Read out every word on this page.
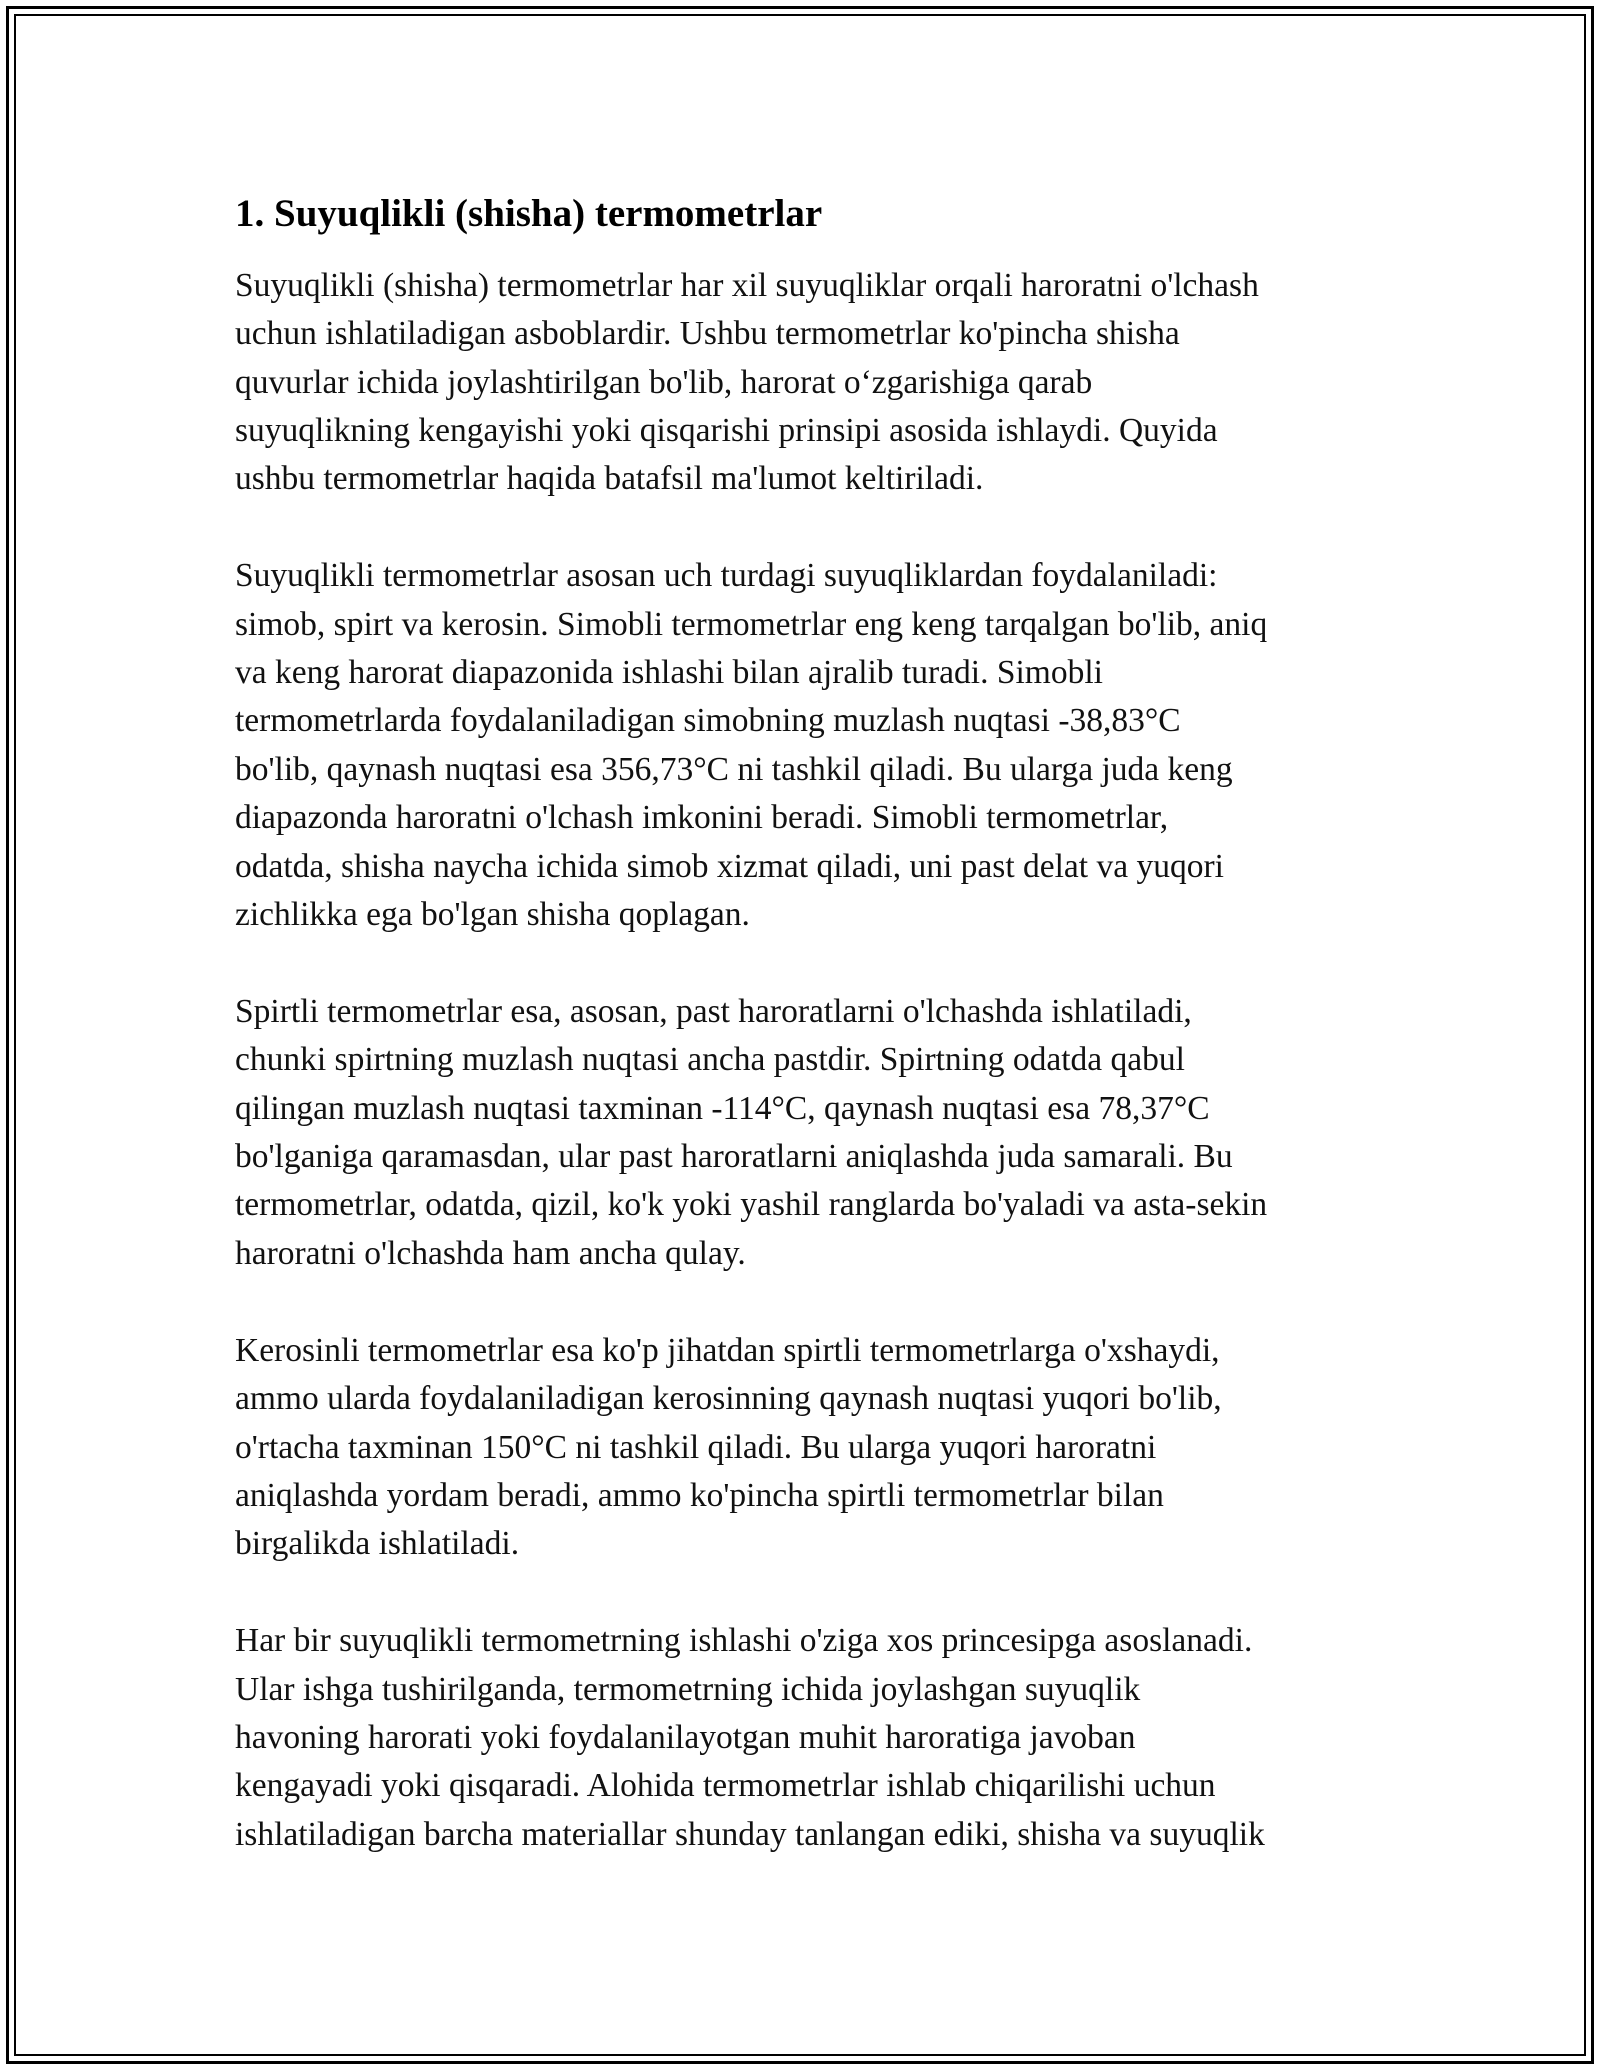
1. Suyuqlikli (shisha) termometrlar

Suyuqlikli (shisha) termometrlar har xil suyuqliklar orqali haroratni o'lchash
uchun ishlatiladigan asboblardir. Ushbu termometrlar ko'pincha shisha
quvurlar ichida joylashtirilgan bo'lib, harorat o‘zgarishiga qarab
suyuqlikning kengayishi yoki qisqarishi prinsipi asosida ishlaydi. Quyida
ushbu termometrlar haqida batafsil ma'lumot keltiriladi.

Suyuqlikli termometrlar asosan uch turdagi suyuqliklardan foydalaniladi:
simob, spirt va kerosin. Simobli termometrlar eng keng tarqalgan bo'lib, aniq
va keng harorat diapazonida ishlashi bilan ajralib turadi. Simobli
termometrlarda foydalaniladigan simobning muzlash nuqtasi -38,83°C
bo'lib, qaynash nuqtasi esa 356,73°C ni tashkil qiladi. Bu ularga juda keng
diapazonda haroratni o'lchash imkonini beradi. Simobli termometrlar,
odatda, shisha naycha ichida simob xizmat qiladi, uni past delat va yuqori
zichlikka ega bo'lgan shisha qoplagan.

Spirtli termometrlar esa, asosan, past haroratlarni o'lchashda ishlatiladi,
chunki spirtning muzlash nuqtasi ancha pastdir. Spirtning odatda qabul
qilingan muzlash nuqtasi taxminan -114°C, qaynash nuqtasi esa 78,37°C
bo'lganiga qaramasdan, ular past haroratlarni aniqlashda juda samarali. Bu
termometrlar, odatda, qizil, ko'k yoki yashil ranglarda bo'yaladi va asta-sekin
haroratni o'lchashda ham ancha qulay.

Kerosinli termometrlar esa ko'p jihatdan spirtli termometrlarga o'xshaydi,
ammo ularda foydalaniladigan kerosinning qaynash nuqtasi yuqori bo'lib,
o'rtacha taxminan 150°C ni tashkil qiladi. Bu ularga yuqori haroratni
aniqlashda yordam beradi, ammo ko'pincha spirtli termometrlar bilan
birgalikda ishlatiladi.

Har bir suyuqlikli termometrning ishlashi o'ziga xos princesipga asoslanadi.
Ular ishga tushirilganda, termometrning ichida joylashgan suyuqlik
havoning harorati yoki foydalanilayotgan muhit haroratiga javoban
kengayadi yoki qisqaradi. Alohida termometrlar ishlab chiqarilishi uchun
ishlatiladigan barcha materiallar shunday tanlangan ediki, shisha va suyuqlik
